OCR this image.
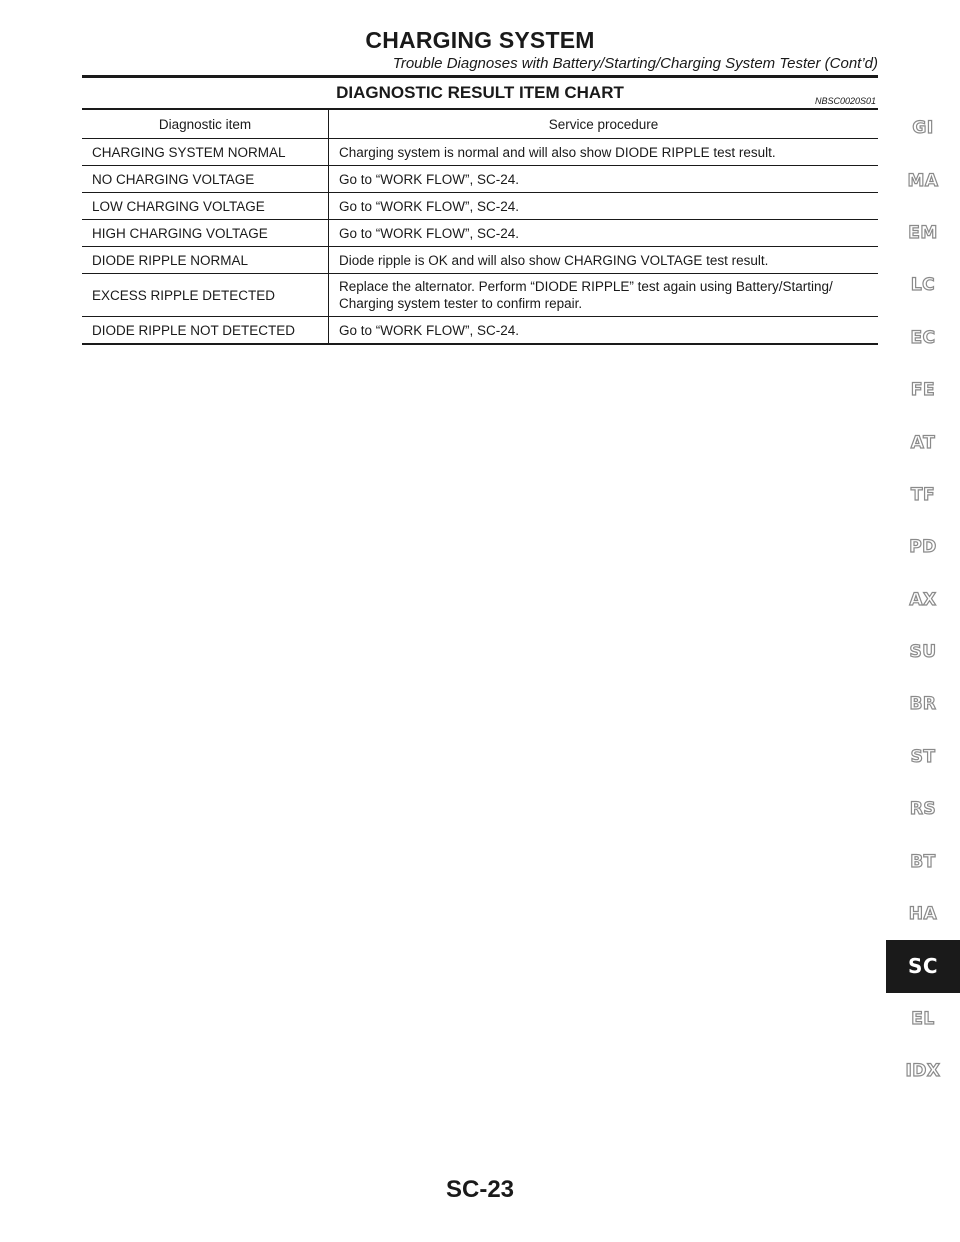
CHARGING SYSTEM
Trouble Diagnoses with Battery/Starting/Charging System Tester (Cont’d)
DIAGNOSTIC RESULT ITEM CHART	NBSC0020S01
Diagnostic item	Service procedure
CHARGING SYSTEM NORMAL	Charging system is normal and will also show DIODE RIPPLE test result.
NO CHARGING VOLTAGE	Go to “WORK FLOW”, SC-24.
LOW CHARGING VOLTAGE	Go to “WORK FLOW”, SC-24.
HIGH CHARGING VOLTAGE	Go to “WORK FLOW”, SC-24.
DIODE RIPPLE NORMAL	Diode ripple is OK and will also show CHARGING VOLTAGE test result.
EXCESS RIPPLE DETECTED	Replace the alternator. Perform “DIODE RIPPLE” test again using Battery/Starting/ Charging system tester to confirm repair.
DIODE RIPPLE NOT DETECTED	Go to “WORK FLOW”, SC-24.
GI
MA
EM
LC
EC
FE
AT
TF
PD
AX
SU
BR
ST
RS
BT
HA
SC
EL
IDX
SC-23
